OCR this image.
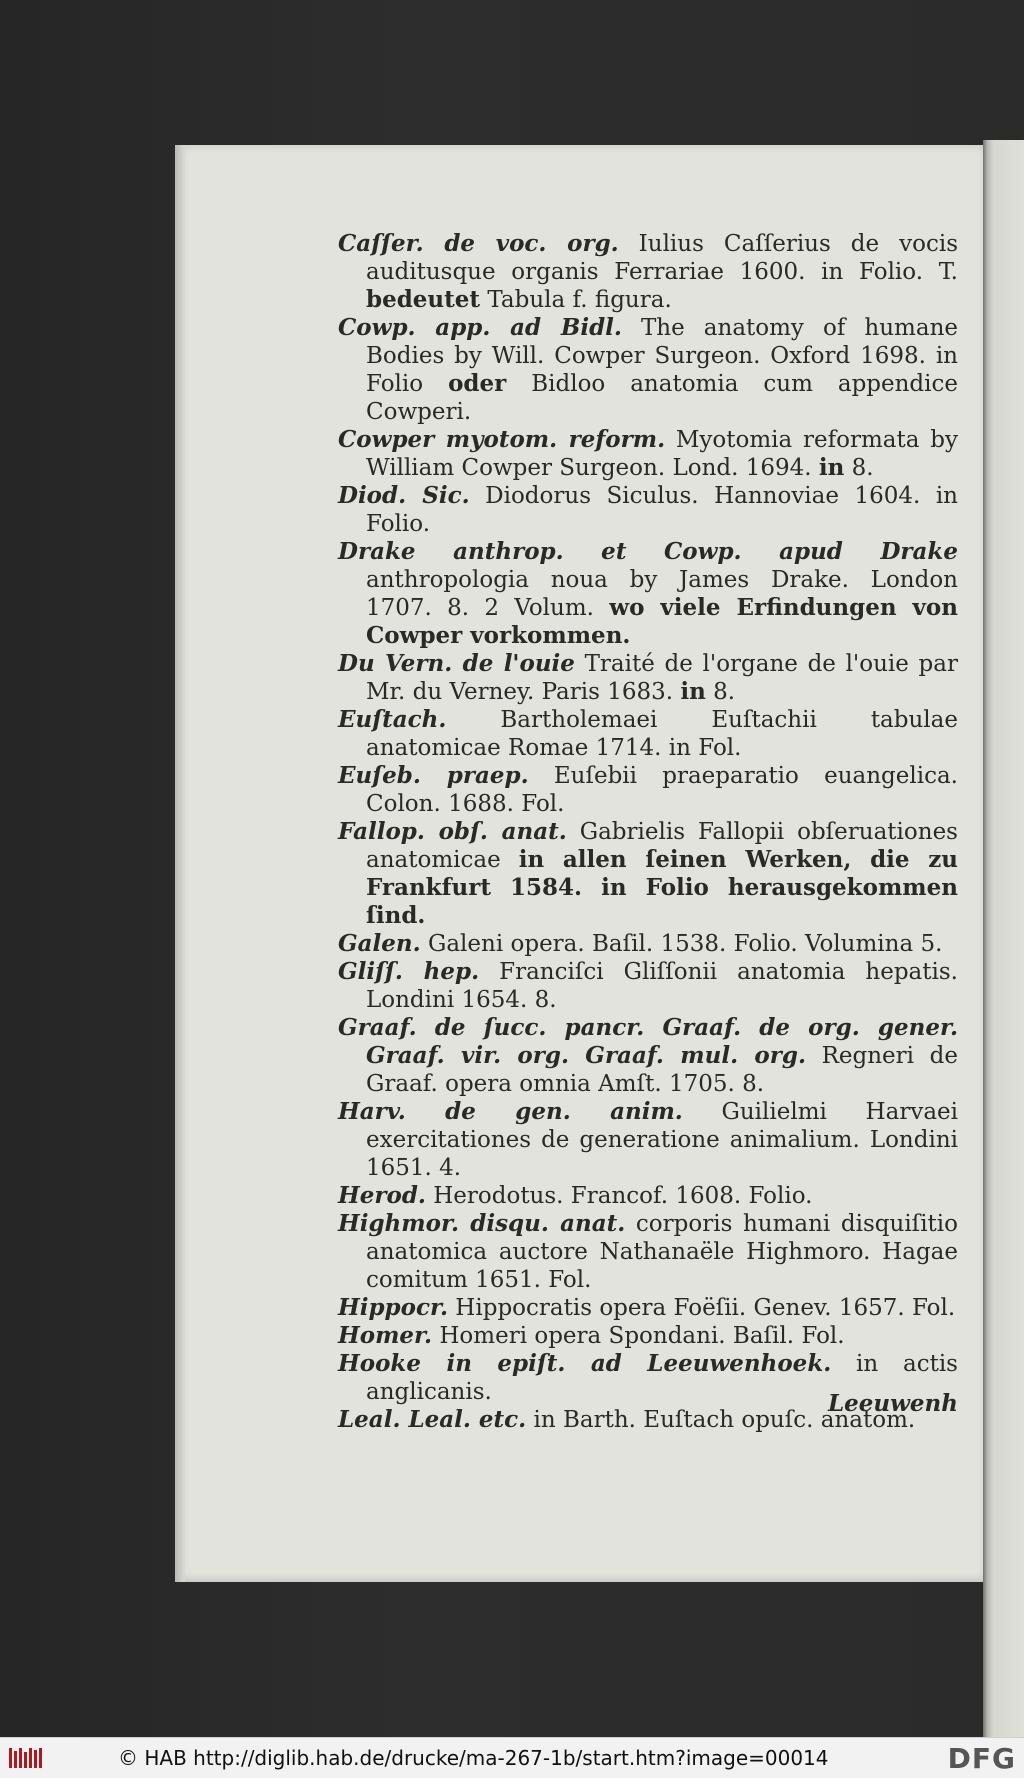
Caſſer. de voc. org. Iulius Caſſerius de vocis auditusque organis Ferrariae 1600. in Folio. T. bedeutet Tabula f. figura.

Cowp. app. ad Bidl. The anatomy of humane Bodies by Will. Cowper Surgeon. Oxford 1698. in Folio oder Bidloo anatomia cum appendice Cowperi.

Cowper myotom. reform. Myotomia reformata by William Cowper Surgeon. Lond. 1694. in 8.

Diod. Sic. Diodorus Siculus. Hannoviae 1604. in Folio.

Drake anthrop. et Cowp. apud Drake anthropologia noua by James Drake. London 1707. 8. 2 Volum. wo viele Erfindungen von Cowper vorkommen.

Du Vern. de l'ouie Traité de l'organe de l'ouie par Mr. du Verney. Paris 1683. in 8.

Euſtach. Bartholemaei Euſtachii tabulae anatomicae Romae 1714. in Fol.

Euſeb. praep. Euſebii praeparatio euangelica. Colon. 1688. Fol.

Fallop. obſ. anat. Gabrielis Fallopii obſeruationes anatomicae in allen ſeinen Werken, die zu Frankfurt 1584. in Folio herausgekommen ſind.

Galen. Galeni opera. Baſil. 1538. Folio. Volumina 5.

Gliſſ. hep. Franciſci Gliſſonii anatomia hepatis. Londini 1654. 8.

Graaf. de ſucc. pancr. Graaf. de org. gener. Graaf. vir. org. Graaf. mul. org. Regneri de Graaf. opera omnia Amſt. 1705. 8.

Harv. de gen. anim. Guilielmi Harvaei exercitationes de generatione animalium. Londini 1651. 4.

Herod. Herodotus. Francof. 1608. Folio.

Highmor. disqu. anat. corporis humani disquiſitio anatomica auctore Nathanaële Highmoro. Hagae comitum 1651. Fol.

Hippocr. Hippocratis opera Foëſii. Genev. 1657. Fol.

Homer. Homeri opera Spondani. Baſil. Fol.

Hooke in epiſt. ad Leeuwenhoek. in actis anglicanis.

Leal. Leal. etc. in Barth. Euſtach opuſc. anatom.

Leeuwenh
© HAB http://diglib.hab.de/drucke/ma-267-1b/start.htm?image=00014	DFG
